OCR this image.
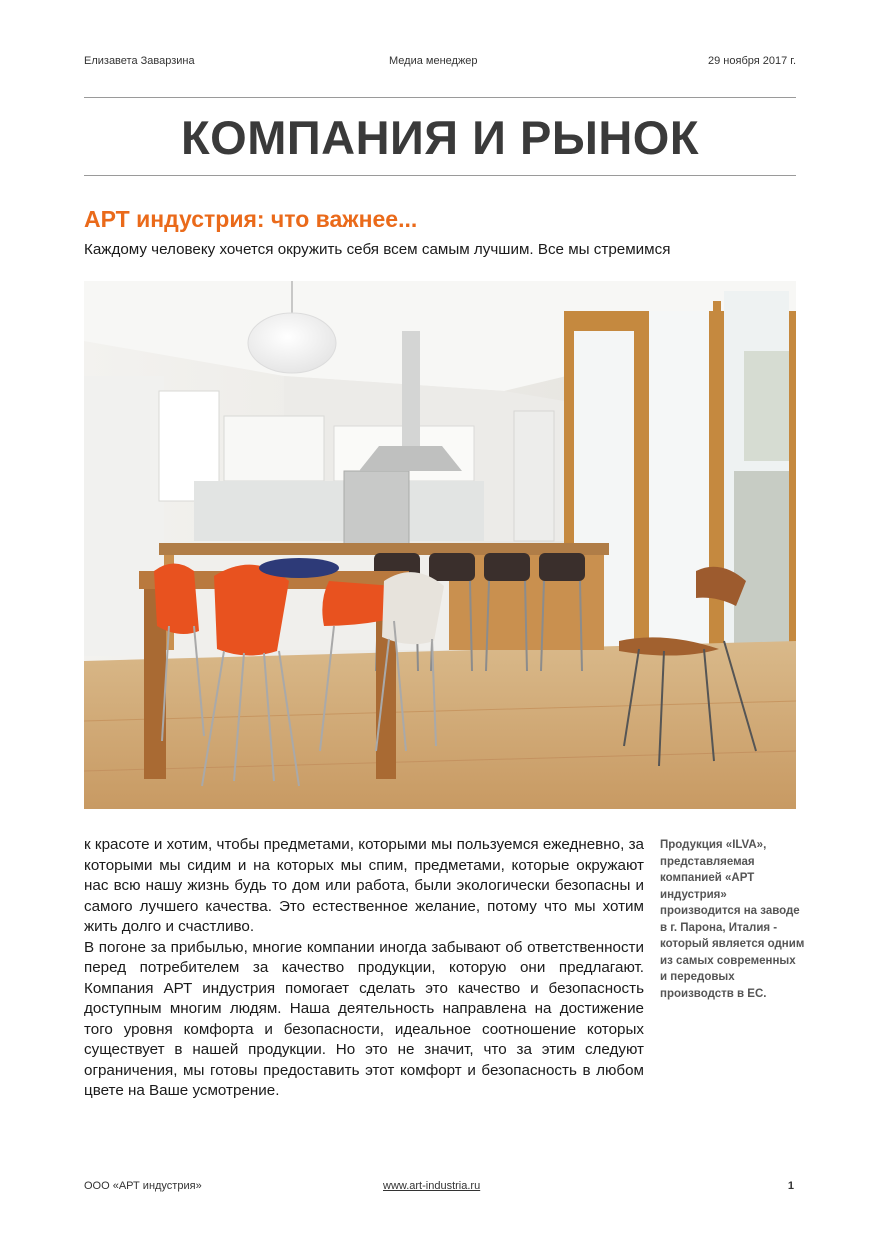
Елизавета Заварзина	Медиа менеджер	29 ноября 2017 г.
КОМПАНИЯ И РЫНОК
АРТ индустрия: что важнее...
Каждому человеку хочется окружить себя всем самым лучшим. Все мы стремимся

к красоте и хотим, чтобы предметами, которыми мы пользуемся ежедневно, за которыми мы сидим и на которых мы спим, предметами, которые окружают нас всю нашу жизнь будь то дом или работа, были экологически безопасны и самого лучшего качества. Это естественное желание, потому что мы хотим жить долго и счастливо.

В погоне за прибылью, многие компании иногда забывают об ответственности перед потребителем за качество продукции, которую они предлагают. Компания АРТ индустрия помогает сделать это качество и безопасность доступным многим людям. Наша деятельность направлена на достижение того уровня комфорта и безопасности, идеальное соотношение которых существует в нашей продукции. Но это не значит, что за этим следуют ограничения, мы готовы предоставить этот комфорт и безопасность в любом цвете на Ваше усмотрение.

Продукция «ILVA», представляемая компанией «АРТ индустрия» производится на заводе в г. Парона, Италия - который является одним из самых современных и передовых производств в ЕС.
ООО «АРТ индустрия»	www.art-industria.ru	1
